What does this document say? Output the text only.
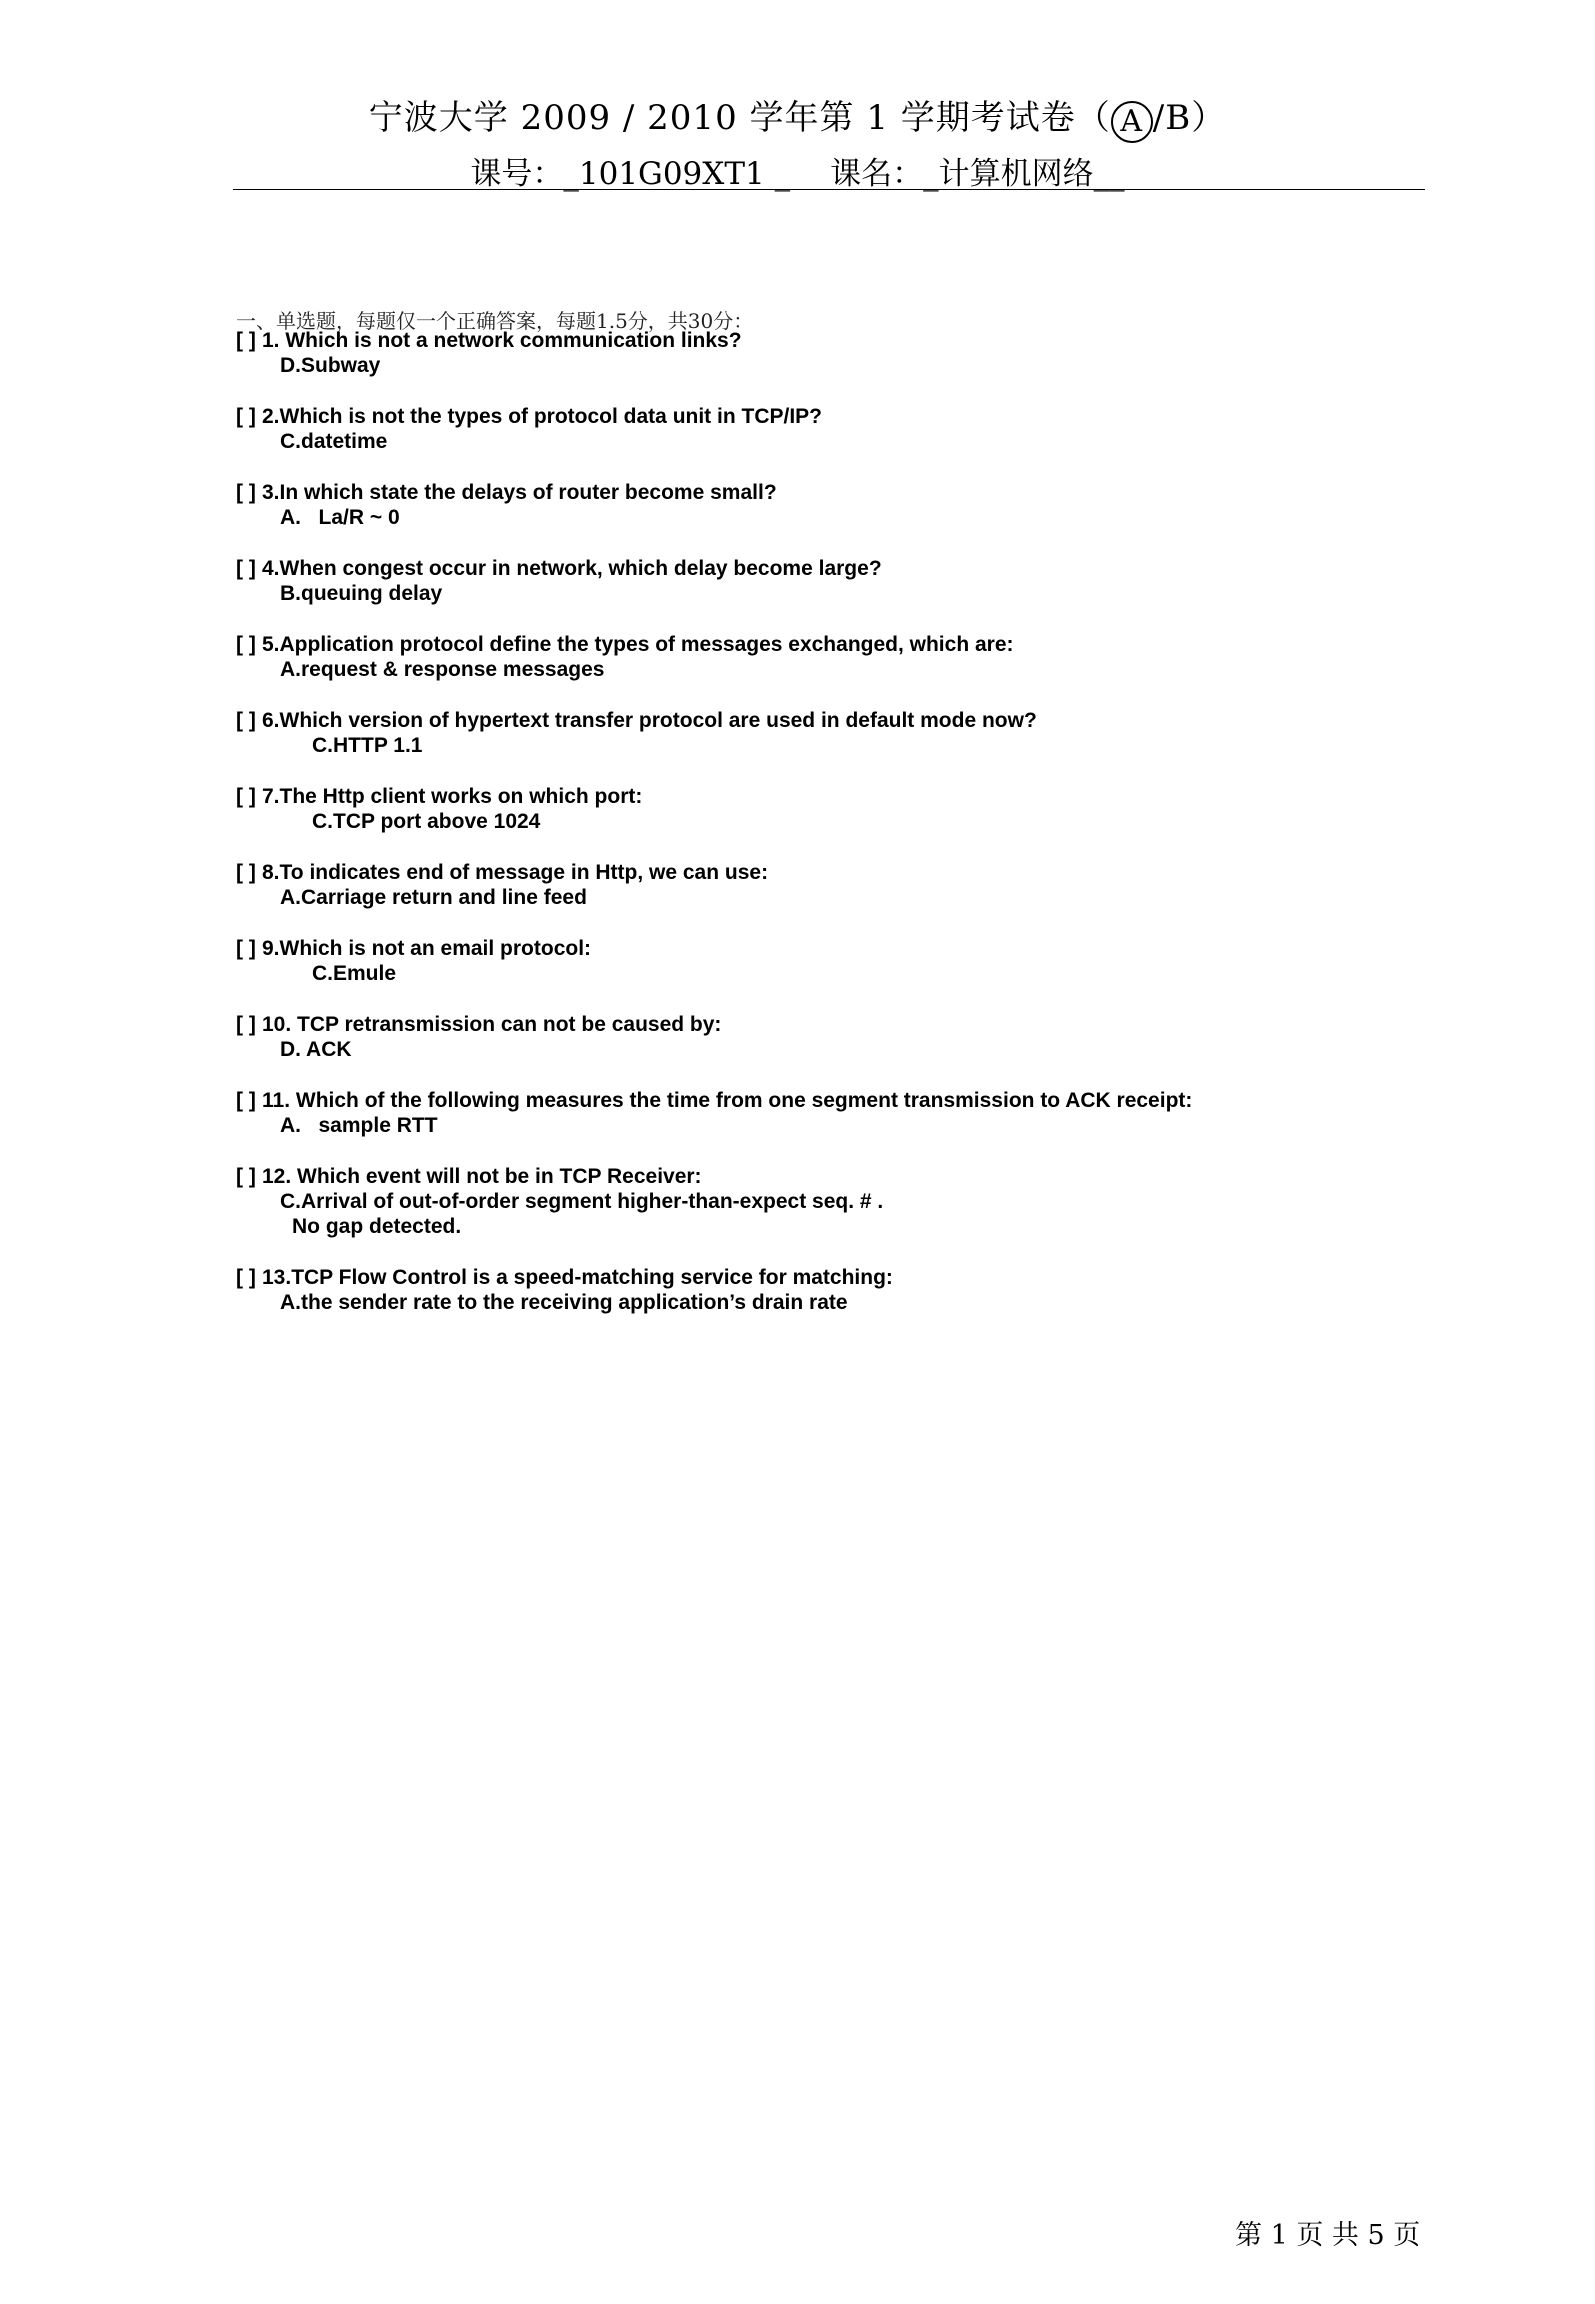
宁波大学 2009 / 2010 学年第 1 学期考试卷（ A /B）
课号：_101G09XT1 _ 课名：_计算机网络__
一、单选题，每题仅一个正确答案，每题1.5分，共30分：
[ ] 1. Which is not a network communication links?
D.Subway
[ ] 2.Which is not the types of protocol data unit in TCP/IP?
C.datetime
[ ] 3.In which state the delays of router become small?
A.   La/R ~ 0
[ ] 4.When congest occur in network, which delay become large?
B.queuing delay
[ ] 5.Application protocol define the types of messages exchanged, which are:
A.request & response messages
[ ] 6.Which version of hypertext transfer protocol are used in default mode now?
C.HTTP 1.1
[ ] 7.The Http client works on which port:
C.TCP port above 1024
[ ] 8.To indicates end of message in Http, we can use:
A.Carriage return and line feed
[ ] 9.Which is not an email protocol:
C.Emule
[ ] 10. TCP retransmission can not be caused by:
D. ACK
[ ] 11. Which of the following measures the time from one segment transmission to ACK receipt:
A.   sample RTT
[ ] 12. Which event will not be in TCP Receiver:
C.Arrival of out-of-order segment higher-than-expect seq. # .
No gap detected.
[ ] 13.TCP Flow Control is a speed-matching service for matching:
A.the sender rate to the receiving application’s drain rate
第 1 页 共 5 页
